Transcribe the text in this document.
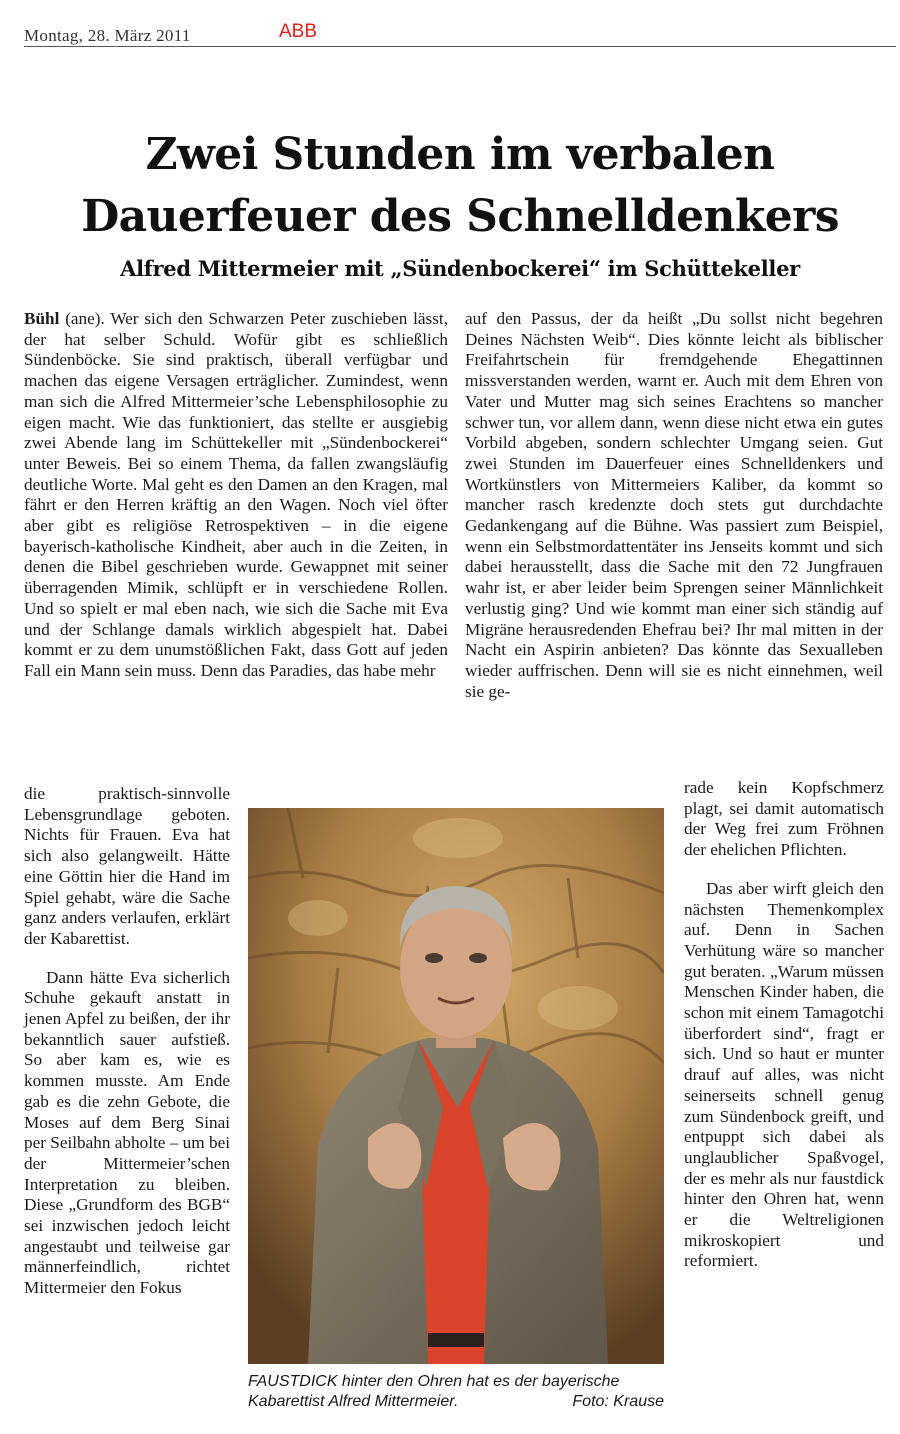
Montag, 28. März 2011	ABB
Zwei Stunden im verbalen
Dauerfeuer des Schnelldenkers
Alfred Mittermeier mit „Sündenbockerei“ im Schüttekeller

Bühl (ane). Wer sich den Schwarzen Peter zuschieben lässt, der hat selber Schuld. Wofür gibt es schließlich Sündenböcke. Sie sind praktisch, überall verfügbar und machen das eigene Versagen erträglicher. Zumindest, wenn man sich die Alfred Mittermeier’sche Lebensphilosophie zu eigen macht. Wie das funktioniert, das stellte er ausgiebig zwei Abende lang im Schüttekeller mit „Sündenbockerei“ unter Beweis. Bei so einem Thema, da fallen zwangsläufig deutliche Worte. Mal geht es den Damen an den Kragen, mal fährt er den Herren kräftig an den Wagen. Noch viel öfter aber gibt es religiöse Retrospektiven – in die eigene bayerisch-katholische Kindheit, aber auch in die Zeiten, in denen die Bibel geschrieben wurde. Gewappnet mit seiner überragenden Mimik, schlüpft er in verschiedene Rollen. Und so spielt er mal eben nach, wie sich die Sache mit Eva und der Schlange damals wirklich abgespielt hat. Dabei kommt er zu dem unumstößlichen Fakt, dass Gott auf jeden Fall ein Mann sein muss. Denn das Paradies, das habe mehr

die praktisch-sinnvolle Lebensgrundlage geboten. Nichts für Frauen. Eva hat sich also gelangweilt. Hätte eine Göttin hier die Hand im Spiel gehabt, wäre die Sache ganz anders verlaufen, erklärt der Kabarettist.

Dann hätte Eva sicherlich Schuhe gekauft anstatt in jenen Apfel zu beißen, der ihr bekanntlich sauer aufstieß. So aber kam es, wie es kommen musste. Am Ende gab es die zehn Gebote, die Moses auf dem Berg Sinai per Seilbahn abholte – um bei der Mittermeier’schen Interpretation zu bleiben. Diese „Grundform des BGB“ sei inzwischen jedoch leicht angestaubt und teilweise gar männerfeindlich, richtet Mittermeier den Fokus

auf den Passus, der da heißt „Du sollst nicht begehren Deines Nächsten Weib“. Dies könnte leicht als biblischer Freifahrtschein für fremdgehende Ehegattinnen missverstanden werden, warnt er. Auch mit dem Ehren von Vater und Mutter mag sich seines Erachtens so mancher schwer tun, vor allem dann, wenn diese nicht etwa ein gutes Vorbild abgeben, sondern schlechter Umgang seien. Gut zwei Stunden im Dauerfeuer eines Schnelldenkers und Wortkünstlers von Mittermeiers Kaliber, da kommt so mancher rasch kredenzte doch stets gut durchdachte Gedankengang auf die Bühne. Was passiert zum Beispiel, wenn ein Selbstmordattentäter ins Jenseits kommt und sich dabei herausstellt, dass die Sache mit den 72 Jungfrauen wahr ist, er aber leider beim Sprengen seiner Männlichkeit verlustig ging? Und wie kommt man einer sich ständig auf Migräne herausredenden Ehefrau bei? Ihr mal mitten in der Nacht ein Aspirin anbieten? Das könnte das Sexualleben wieder auffrischen. Denn will sie es nicht einnehmen, weil sie ge-

rade kein Kopfschmerz plagt, sei damit automatisch der Weg frei zum Fröhnen der ehelichen Pflichten.

Das aber wirft gleich den nächsten Themenkomplex auf. Denn in Sachen Verhütung wäre so mancher gut beraten. „Warum müssen Menschen Kinder haben, die schon mit einem Tamagotchi überfordert sind“, fragt er sich. Und so haut er munter drauf auf alles, was nicht seinerseits schnell genug zum Sündenbock greift, und entpuppt sich dabei als unglaublicher Spaßvogel, der es mehr als nur faustdick hinter den Ohren hat, wenn er die Weltreligionen mikroskopiert und reformiert.

FAUSTDICK hinter den Ohren hat es der bayerische Kabarettist Alfred Mittermeier.	Foto: Krause
